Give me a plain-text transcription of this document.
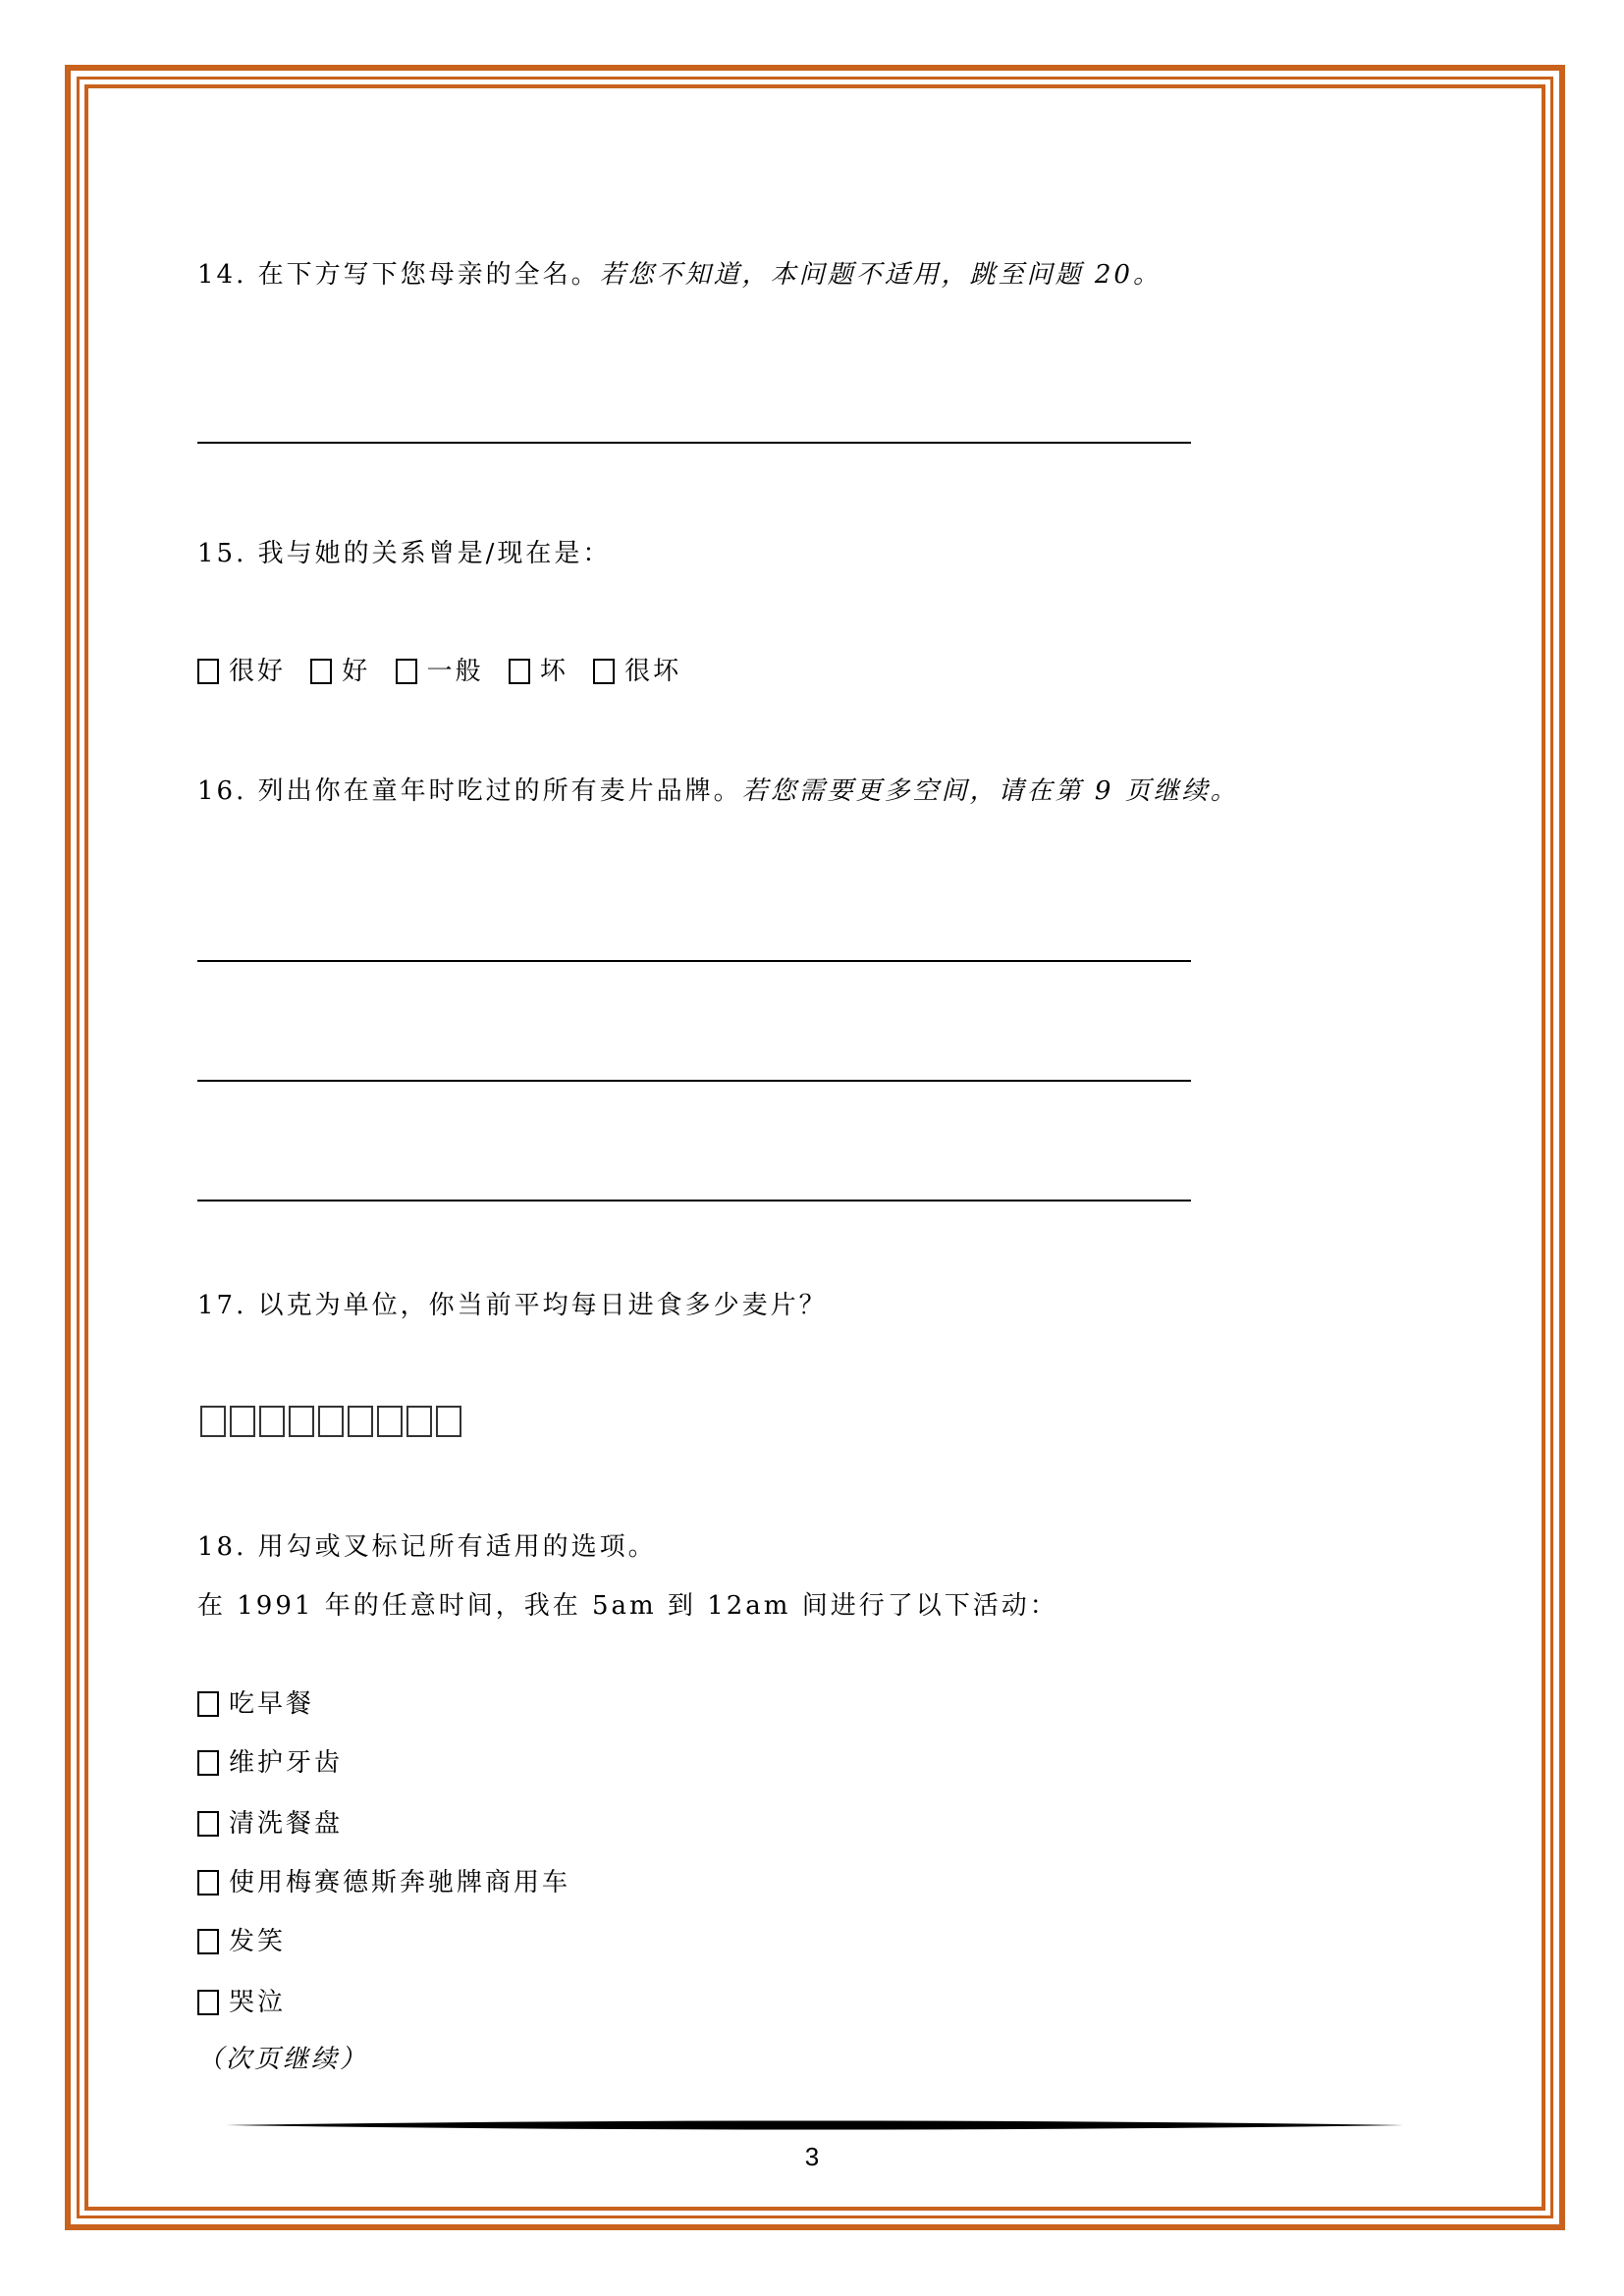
14. 在下方写下您母亲的全名。若您不知道，本问题不适用，跳至问题 20。
15. 我与她的关系曾是/现在是：
很好 好 一般 坏 很坏
16. 列出你在童年时吃过的所有麦片品牌。若您需要更多空间，请在第 9 页继续。
17. 以克为单位，你当前平均每日进食多少麦片？
18. 用勾或叉标记所有适用的选项。
在 1991 年的任意时间，我在 5am 到 12am 间进行了以下活动：
吃早餐
维护牙齿
清洗餐盘
使用梅赛德斯奔驰牌商用车
发笑
哭泣
（次页继续）
3
